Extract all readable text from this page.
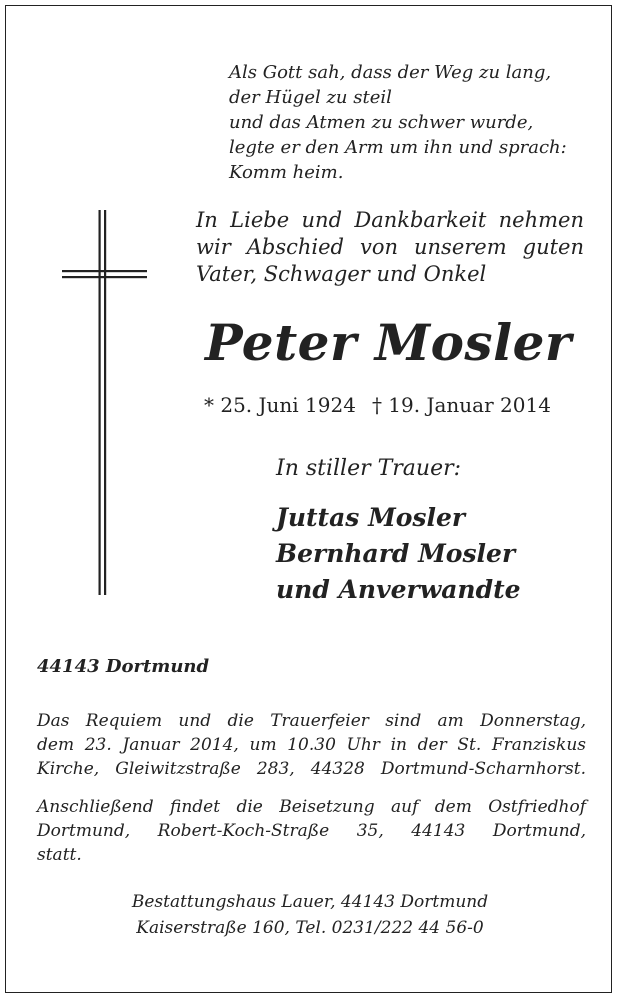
Als Gott sah, dass der Weg zu lang,
der Hügel zu steil
und das Atmen zu schwer wurde,
legte er den Arm um ihn und sprach:
Komm heim.
In Liebe und Dankbarkeit nehmen
wir Abschied von unserem guten
Vater, Schwager und Onkel
Peter Mosler
* 25. Juni 1924 † 19. Januar 2014
In stiller Trauer:
Juttas Mosler
Bernhard Mosler
und Anverwandte
44143 Dortmund
Das Requiem und die Trauerfeier sind am Donnerstag,
dem 23. Januar 2014, um 10.30 Uhr in der St. Franziskus
Kirche, Gleiwitzstraße 283, 44328 Dortmund-Scharnhorst.
Anschließend findet die Beisetzung auf dem Ostfriedhof
Dortmund, Robert-Koch-Straße 35, 44143 Dortmund,
statt.
Bestattungshaus Lauer, 44143 Dortmund
Kaiserstraße 160, Tel. 0231/222 44 56-0
